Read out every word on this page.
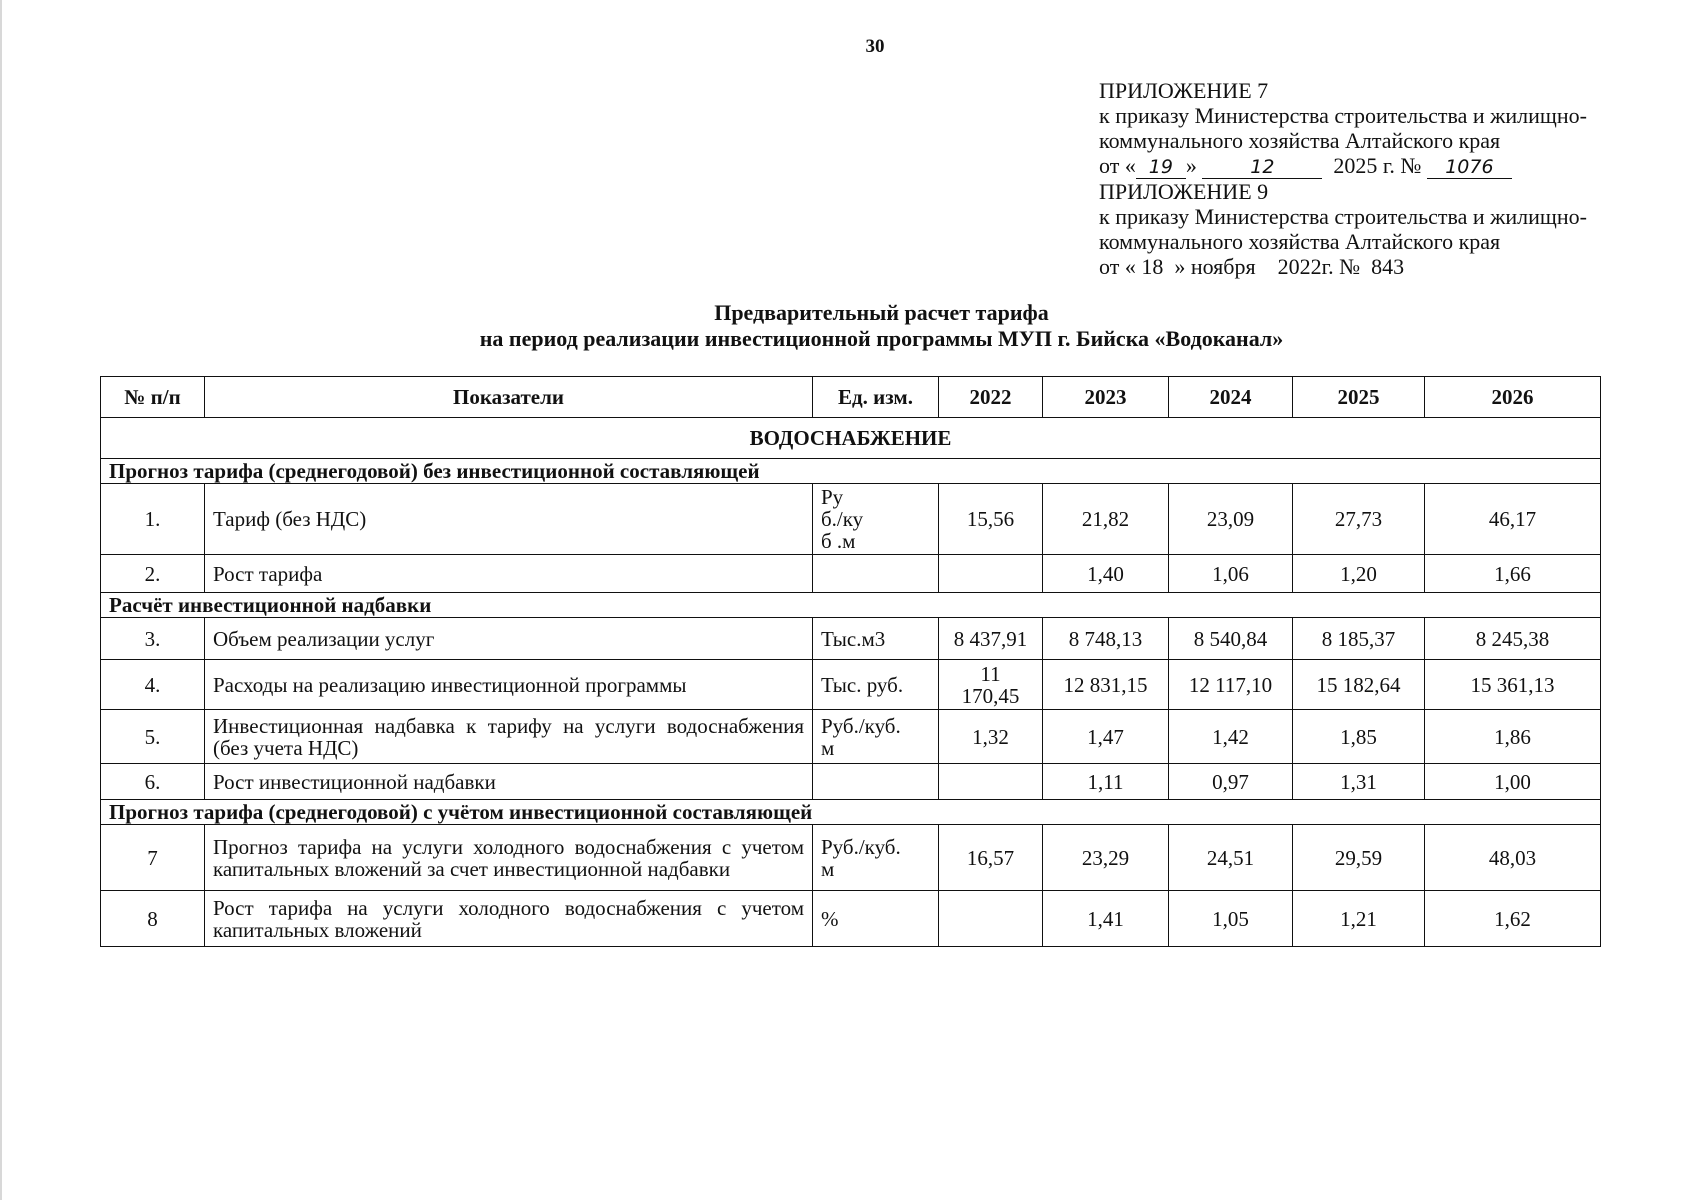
30
ПРИЛОЖЕНИЕ 7
к приказу Министерства строительства и жилищно-
коммунального хозяйства Алтайского края
от « 19 »	12	2025 г. № 1076
ПРИЛОЖЕНИЕ 9
к приказу Министерства строительства и жилищно-
коммунального хозяйства Алтайского края
от « 18  » ноября    2022г. №  843
Предварительный расчет тарифа
на период реализации инвестиционной программы МУП г. Бийска «Водоканал»
№ п/п	Показатели	Ед. изм.	2022	2023	2024	2025	2026
ВОДОСНАБЖЕНИЕ							
Прогноз тарифа (среднегодовой) без инвестиционной составляющей							
1.	Тариф (без НДС)	Ру
б./ку
б .м	15,56	21,82	23,09	27,73	46,17
2.	Рост тарифа			1,40	1,06	1,20	1,66
Расчёт инвестиционной надбавки							
3.	Объем реализации услуг	Тыс.м3	8 437,91	8 748,13	8 540,84	8 185,37	8 245,38
4.	Расходы на реализацию инвестиционной программы	Тыс. руб.	11
170,45	12 831,15	12 117,10	15 182,64	15 361,13
5.	Инвестиционная надбавка к тарифу на услуги водоснабжения (без учета НДС)	Руб./куб.
м	1,32	1,47	1,42	1,85	1,86
6.	Рост инвестиционной надбавки			1,11	0,97	1,31	1,00
Прогноз тарифа (среднегодовой) с учётом инвестиционной составляющей							
7	Прогноз тарифа на услуги холодного водоснабжения с учетом капитальных вложений за счет инвестиционной надбавки	Руб./куб.
м	16,57	23,29	24,51	29,59	48,03
8	Рост тарифа на услуги холодного водоснабжения с учетом капитальных вложений	%		1,41	1,05	1,21	1,62
